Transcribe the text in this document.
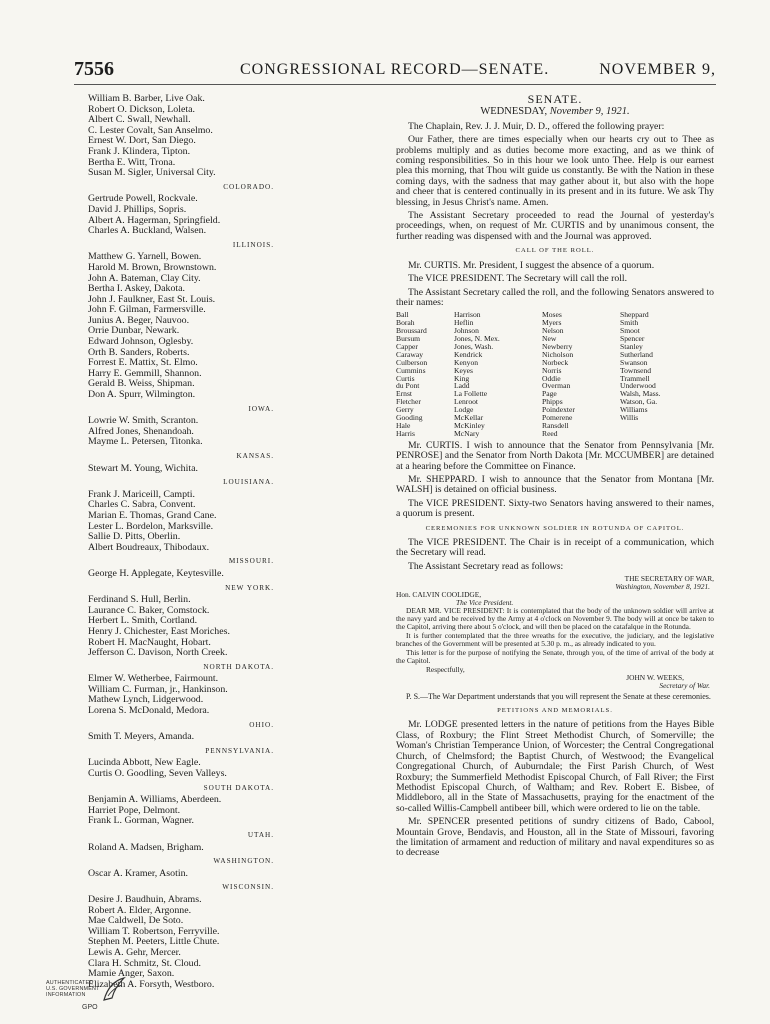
7556	CONGRESSIONAL RECORD—SENATE.	NOVEMBER 9,
William B. Barber, Live Oak.
Robert O. Dickson, Loleta.
Albert C. Swall, Newhall.
C. Lester Covalt, San Anselmo.
Ernest W. Dort, San Diego.
Frank J. Klindera, Tipton.
Bertha E. Witt, Trona.
Susan M. Sigler, Universal City.
COLORADO.
Gertrude Powell, Rockvale.
David J. Phillips, Sopris.
Albert A. Hagerman, Springfield.
Charles A. Buckland, Walsen.
ILLINOIS.
Matthew G. Yarnell, Bowen.
Harold M. Brown, Brownstown.
John A. Bateman, Clay City.
Bertha I. Askey, Dakota.
John J. Faulkner, East St. Louis.
John F. Gilman, Farmersville.
Junius A. Beger, Nauvoo.
Orrie Dunbar, Newark.
Edward Johnson, Oglesby.
Orth B. Sanders, Roberts.
Forrest E. Mattix, St. Elmo.
Harry E. Gemmill, Shannon.
Gerald B. Weiss, Shipman.
Don A. Spurr, Wilmington.
IOWA.
Lowrie W. Smith, Scranton.
Alfred Jones, Shenandoah.
Mayme L. Petersen, Titonka.
KANSAS.
Stewart M. Young, Wichita.
LOUISIANA.
Frank J. Mariceill, Campti.
Charles C. Sabra, Convent.
Marian E. Thomas, Grand Cane.
Lester L. Bordelon, Marksville.
Sallie D. Pitts, Oberlin.
Albert Boudreaux, Thibodaux.
MISSOURI.
George H. Applegate, Keytesville.
NEW YORK.
Ferdinand S. Hull, Berlin.
Laurance C. Baker, Comstock.
Herbert L. Smith, Cortland.
Henry J. Chichester, East Moriches.
Robert H. MacNaught, Hobart.
Jefferson C. Davison, North Creek.
NORTH DAKOTA.
Elmer W. Wetherbee, Fairmount.
William C. Furman, jr., Hankinson.
Mathew Lynch, Lidgerwood.
Lorena S. McDonald, Medora.
OHIO.
Smith T. Meyers, Amanda.
PENNSYLVANIA.
Lucinda Abbott, New Eagle.
Curtis O. Goodling, Seven Valleys.
SOUTH DAKOTA.
Benjamin A. Williams, Aberdeen.
Harriet Pope, Delmont.
Frank L. Gorman, Wagner.
UTAH.
Roland A. Madsen, Brigham.
WASHINGTON.
Oscar A. Kramer, Asotin.
WISCONSIN.
Desire J. Baudhuin, Abrams.
Robert A. Elder, Argonne.
Mae Caldwell, De Soto.
William T. Robertson, Ferryville.
Stephen M. Peeters, Little Chute.
Lewis A. Gehr, Mercer.
Clara H. Schmitz, St. Cloud.
Mamie Anger, Saxon.
Elizabeth A. Forsyth, Westboro.
SENATE.
WEDNESDAY, November 9, 1921.

The Chaplain, Rev. J. J. Muir, D. D., offered the following prayer:

Our Father, there are times especially when our hearts cry out to Thee as problems multiply and as duties become more exacting, and as we think of coming responsibilities. So in this hour we look unto Thee. Help is our earnest plea this morning, that Thou wilt guide us constantly. Be with the Nation in these coming days, with the sadness that may gather about it, but also with the hope and cheer that is centered continually in its present and in its future. We ask Thy blessing, in Jesus Christ's name. Amen.

The Assistant Secretary proceeded to read the Journal of yesterday's proceedings, when, on request of Mr. CURTIS and by unanimous consent, the further reading was dispensed with and the Journal was approved.

CALL OF THE ROLL.

Mr. CURTIS. Mr. President, I suggest the absence of a quorum.

The VICE PRESIDENT. The Secretary will call the roll.

The Assistant Secretary called the roll, and the following Senators answered to their names:

Ball	Harrison	Moses	Sheppard
Borah	Heflin	Myers	Smith
Broussard	Johnson	Nelson	Smoot
Bursum	Jones, N. Mex.	New	Spencer
Capper	Jones, Wash.	Newberry	Stanley
Caraway	Kendrick	Nicholson	Sutherland
Culberson	Kenyon	Norbeck	Swanson
Cummins	Keyes	Norris	Townsend
Curtis	King	Oddie	Trammell
du Pont	Ladd	Overman	Underwood
Ernst	La Follette	Page	Walsh, Mass.
Fletcher	Lenroot	Phipps	Watson, Ga.
Gerry	Lodge	Poindexter	Williams
Gooding	McKellar	Pomerene	Willis
Hale	McKinley	Ransdell
Harris	McNary	Reed

Mr. CURTIS. I wish to announce that the Senator from Pennsylvania [Mr. PENROSE] and the Senator from North Dakota [Mr. MCCUMBER] are detained at a hearing before the Committee on Finance.

Mr. SHEPPARD. I wish to announce that the Senator from Montana [Mr. WALSH] is detained on official business.

The VICE PRESIDENT. Sixty-two Senators having answered to their names, a quorum is present.

CEREMONIES FOR UNKNOWN SOLDIER IN ROTUNDA OF CAPITOL.

The VICE PRESIDENT. The Chair is in receipt of a communication, which the Secretary will read.

The Assistant Secretary read as follows:

THE SECRETARY OF WAR,
Washington, November 8, 1921.
Hon. CALVIN COOLIDGE,
The Vice President.

DEAR MR. VICE PRESIDENT: It is contemplated that the body of the unknown soldier will arrive at the navy yard and be received by the Army at 4 o'clock on November 9. The body will at once be taken to the Capitol, arriving there about 5 o'clock, and will then be placed on the catafalque in the Rotunda.

It is further contemplated that the three wreaths for the executive, the judiciary, and the legislative branches of the Government will be presented at 5.30 p. m., as already indicated to you.

This letter is for the purpose of notifying the Senate, through you, of the time of arrival of the body at the Capitol.

Respectfully,
JOHN W. WEEKS,
Secretary of War.
P. S.—The War Department understands that you will represent the Senate at these ceremonies.
PETITIONS AND MEMORIALS.

Mr. LODGE presented letters in the nature of petitions from the Hayes Bible Class, of Roxbury; the Flint Street Methodist Church, of Somerville; the Woman's Christian Temperance Union, of Worcester; the Central Congregational Church, of Chelmsford; the Baptist Church, of Westwood; the Evangelical Congregational Church, of Auburndale; the First Parish Church, of West Roxbury; the Summerfield Methodist Episcopal Church, of Fall River; the First Methodist Episcopal Church, of Waltham; and Rev. Robert E. Bisbee, of Middleboro, all in the State of Massachusetts, praying for the enactment of the so-called Willis-Campbell antibeer bill, which were ordered to lie on the table.

Mr. SPENCER presented petitions of sundry citizens of Bado, Cabool, Mountain Grove, Bendavis, and Houston, all in the State of Missouri, favoring the limitation of armament and reduction of military and naval expenditures so as to decrease

AUTHENTICATED
U.S. GOVERNMENT
INFORMATION
GPO
